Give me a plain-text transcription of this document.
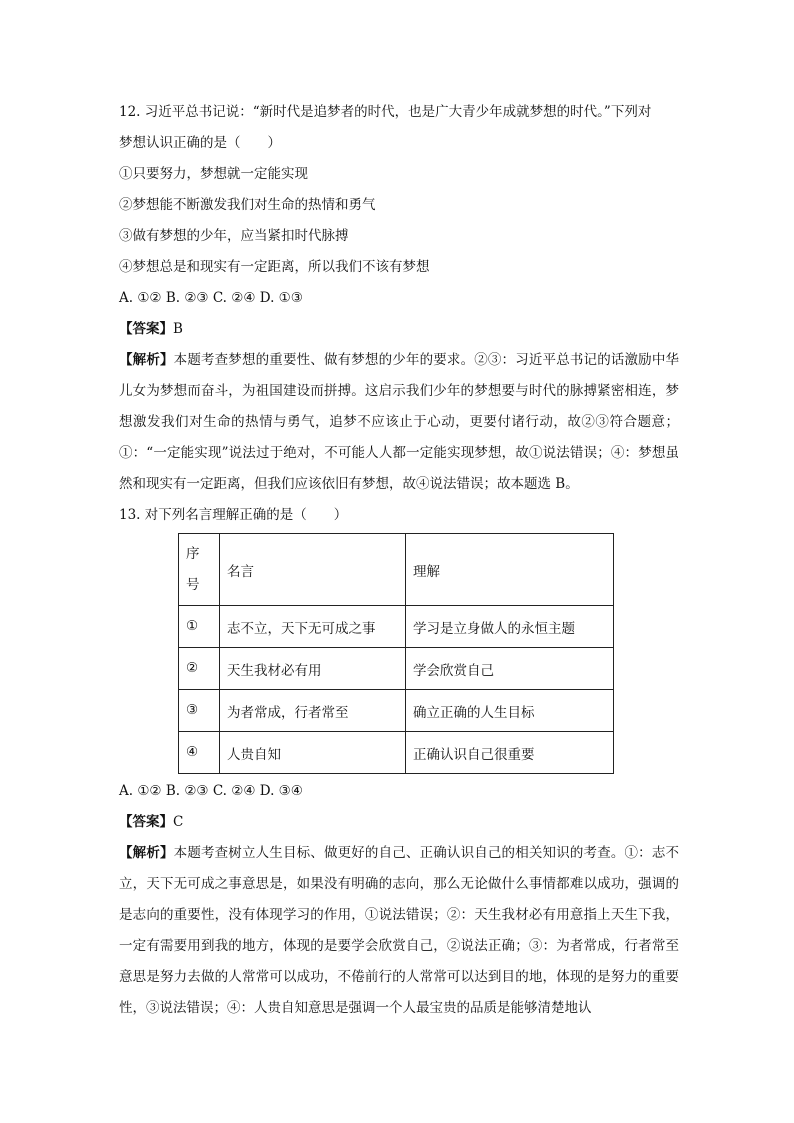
12. 习近平总书记说：“新时代是追梦者的时代，也是广大青少年成就梦想的时代。”下列对

梦想认识正确的是（　　）

①只要努力，梦想就一定能实现

②梦想能不断激发我们对生命的热情和勇气

③做有梦想的少年，应当紧扣时代脉搏

④梦想总是和现实有一定距离，所以我们不该有梦想

A. ①② B. ②③ C. ②④ D. ①③

【答案】B

【解析】本题考查梦想的重要性、做有梦想的少年的要求。②③：习近平总书记的话激励中华儿女为梦想而奋斗，为祖国建设而拼搏。这启示我们少年的梦想要与时代的脉搏紧密相连，梦想激发我们对生命的热情与勇气，追梦不应该止于心动，更要付诸行动，故②③符合题意；①：“一定能实现”说法过于绝对，不可能人人都一定能实现梦想，故①说法错误；④：梦想虽然和现实有一定距离，但我们应该依旧有梦想，故④说法错误；故本题选 B。

13. 对下列名言理解正确的是（　　）

序号	名言	理解
①	志不立，天下无可成之事	学习是立身做人的永恒主题
②	天生我材必有用	学会欣赏自己
③	为者常成，行者常至	确立正确的人生目标
④	人贵自知	正确认识自己很重要

A. ①② B. ②③ C. ②④ D. ③④

【答案】C

【解析】本题考查树立人生目标、做更好的自己、正确认识自己的相关知识的考查。①：志不立，天下无可成之事意思是，如果没有明确的志向，那么无论做什么事情都难以成功，强调的是志向的重要性，没有体现学习的作用，①说法错误；②：天生我材必有用意指上天生下我，一定有需要用到我的地方，体现的是要学会欣赏自己，②说法正确；③：为者常成，行者常至意思是努力去做的人常常可以成功，不倦前行的人常常可以达到目的地，体现的是努力的重要性，③说法错误；④：人贵自知意思是强调一个人最宝贵的品质是能够清楚地认
